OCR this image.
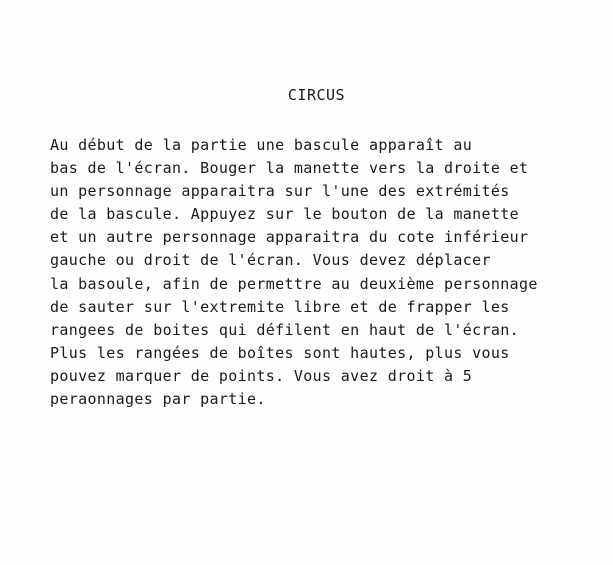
CIRCUS
Au début de la partie une bascule apparaît au
bas de l'écran. Bouger la manette vers la droite et
un personnage apparaitra sur l'une des extrémités
de la bascule. Appuyez sur le bouton de la manette
et un autre personnage apparaitra du cote inférieur
gauche ou droit de l'écran. Vous devez déplacer
la basoule, afin de permettre au deuxième personnage
de sauter sur l'extremite libre et de frapper les
rangees de boites qui défilent en haut de l'écran.
Plus les rangées de boîtes sont hautes, plus vous
pouvez marquer de points. Vous avez droit à 5
peraonnages par partie.
